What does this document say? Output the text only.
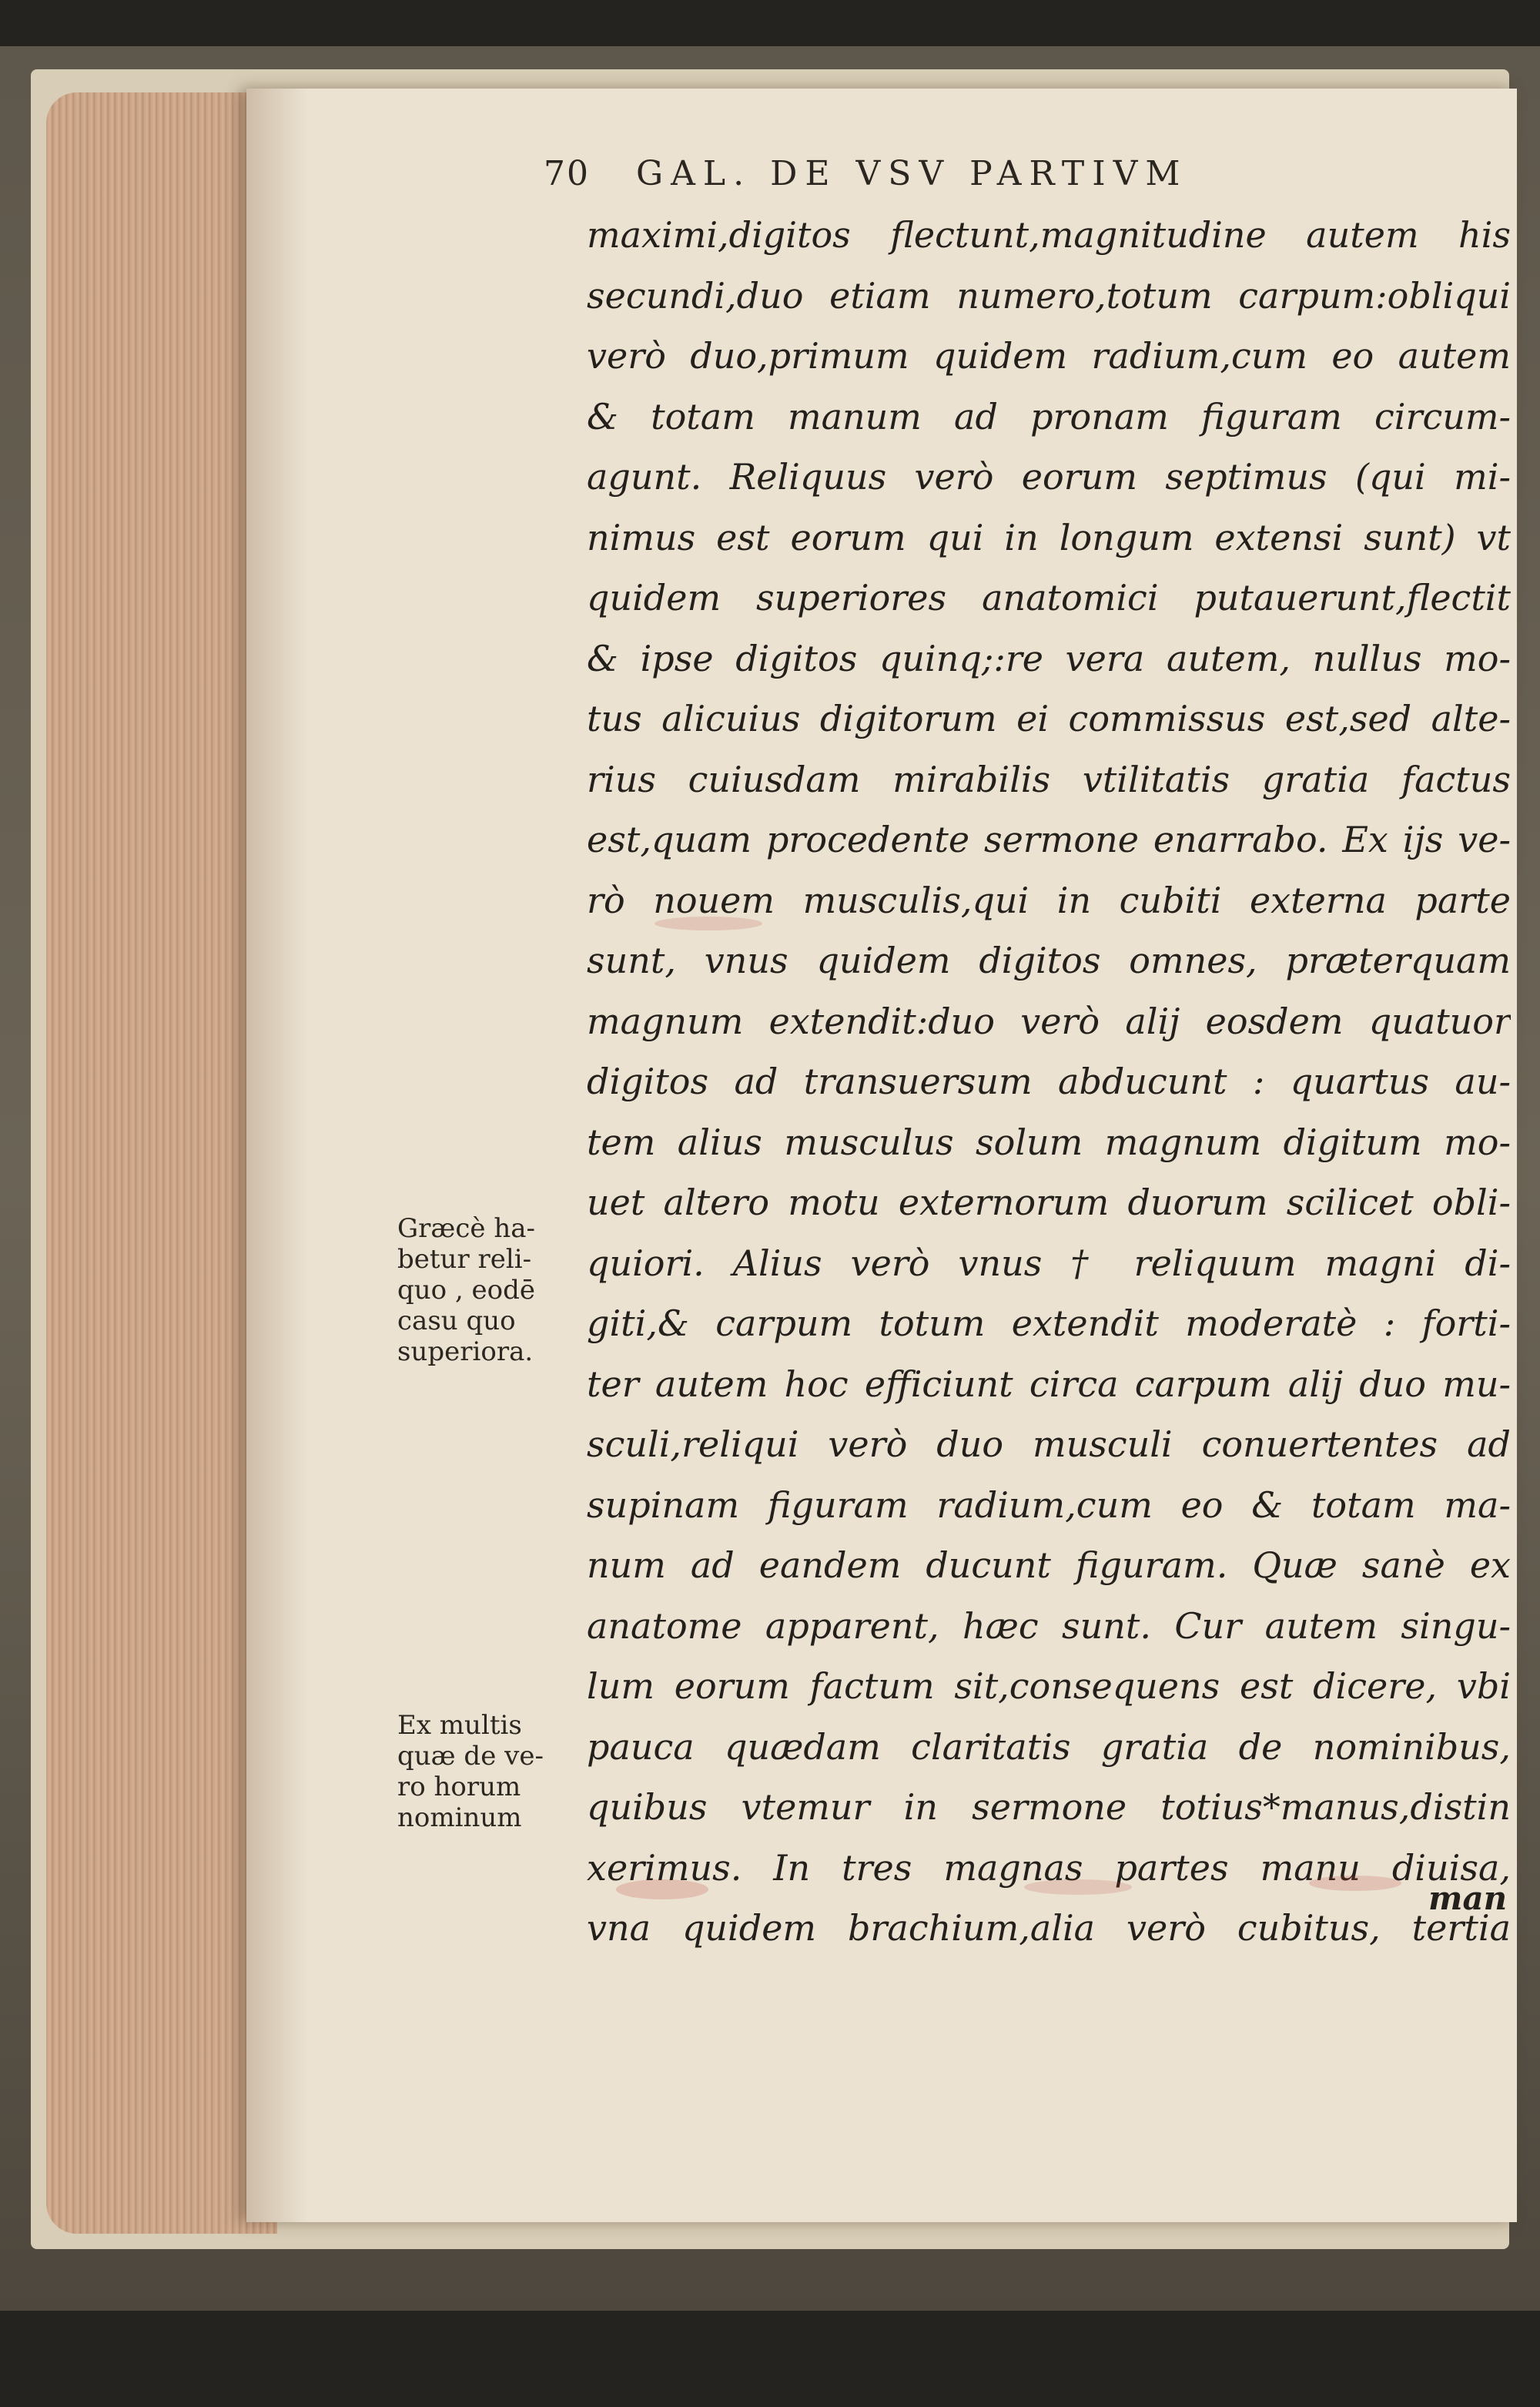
70 GAL. DE VSV PARTIVM
maximi,digitos flectunt,magnitudine autem his
secundi,duo etiam numero,totum carpum:obliqui
verò duo,primum quidem radium,cum eo autem
& totam manum ad pronam figuram circum-
agunt. Reliquus verò eorum septimus (qui mi-
nimus est eorum qui in longum extensi sunt) vt
quidem superiores anatomici putauerunt,flectit
& ipse digitos quinq;:re vera autem, nullus mo-
tus alicuius digitorum ei commissus est,sed alte-
rius cuiusdam mirabilis vtilitatis gratia factus
est,quam procedente sermone enarrabo. Ex ijs ve-
rò nouem musculis,qui in cubiti externa parte
sunt, vnus quidem digitos omnes, præterquam
magnum extendit:duo verò alij eosdem quatuor
digitos ad transuersum abducunt : quartus au-
tem alius musculus solum magnum digitum mo-
uet altero motu externorum duorum scilicet obli-
quiori. Alius verò vnus † reliquum magni di-
giti,& carpum totum extendit moderatè : forti-
ter autem hoc efficiunt circa carpum alij duo mu-
sculi,reliqui verò duo musculi conuertentes ad
supinam figuram radium,cum eo & totam ma-
num ad eandem ducunt figuram. Quæ sanè ex
anatome apparent, hæc sunt. Cur autem singu-
lum eorum factum sit,consequens est dicere, vbi
pauca quædam claritatis gratia de nominibus,
quibus vtemur in sermone totius*manus,distin
xerimus. In tres magnas partes manu diuisa,
vna quidem brachium,alia verò cubitus, tertia
man
Græcè ha-
betur reli-
quo , eodē
casu quo
superiora.
Ex multis
quæ de ve-
ro horum
nominum
